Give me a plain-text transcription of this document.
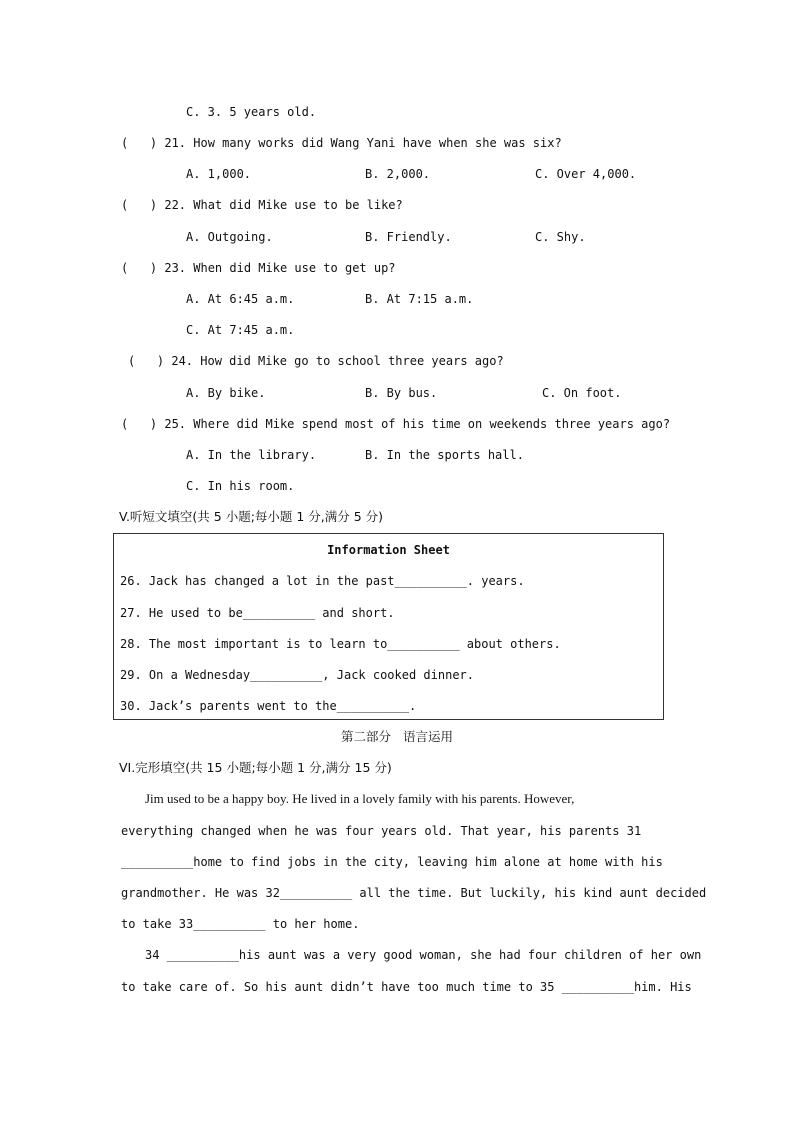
C. 3. 5 years old.
(   ) 21. How many works did Wang Yani have when she was six?
A. 1,000.	B. 2,000.	C. Over 4,000.
(   ) 22. What did Mike use to be like?
A. Outgoing.	B. Friendly.	C. Shy.
(   ) 23. When did Mike use to get up?
A. At 6:45 a.m.	B. At 7:15 a.m.
C. At 7:45 a.m.
(   ) 24. How did Mike go to school three years ago?
A. By bike.	B. By bus.	C. On foot.
(   ) 25. Where did Mike spend most of his time on weekends three years ago?
A. In the library.	B. In the sports hall.
C. In his room.
V.听短文填空(共 5 小题;每小题 1 分,满分 5 分)
Information Sheet
26. Jack has changed a lot in the past__________. years.
27. He used to be__________ and short.
28. The most important is to learn to__________ about others.
29. On a Wednesday__________, Jack cooked dinner.
30. Jack’s parents went to the__________.
第二部分   语言运用
VI.完形填空(共 15 小题;每小题 1 分,满分 15 分)
Jim used to be a happy boy. He lived in a lovely family with his parents. However,
everything changed when he was four years old. That year, his parents 31
__________home to find jobs in the city, leaving him alone at home with his
grandmother. He was 32__________ all the time. But luckily, his kind aunt decided
to take 33__________ to her home.
34 __________his aunt was a very good woman, she had four children of her own
to take care of. So his aunt didn’t have too much time to 35 __________him. His
